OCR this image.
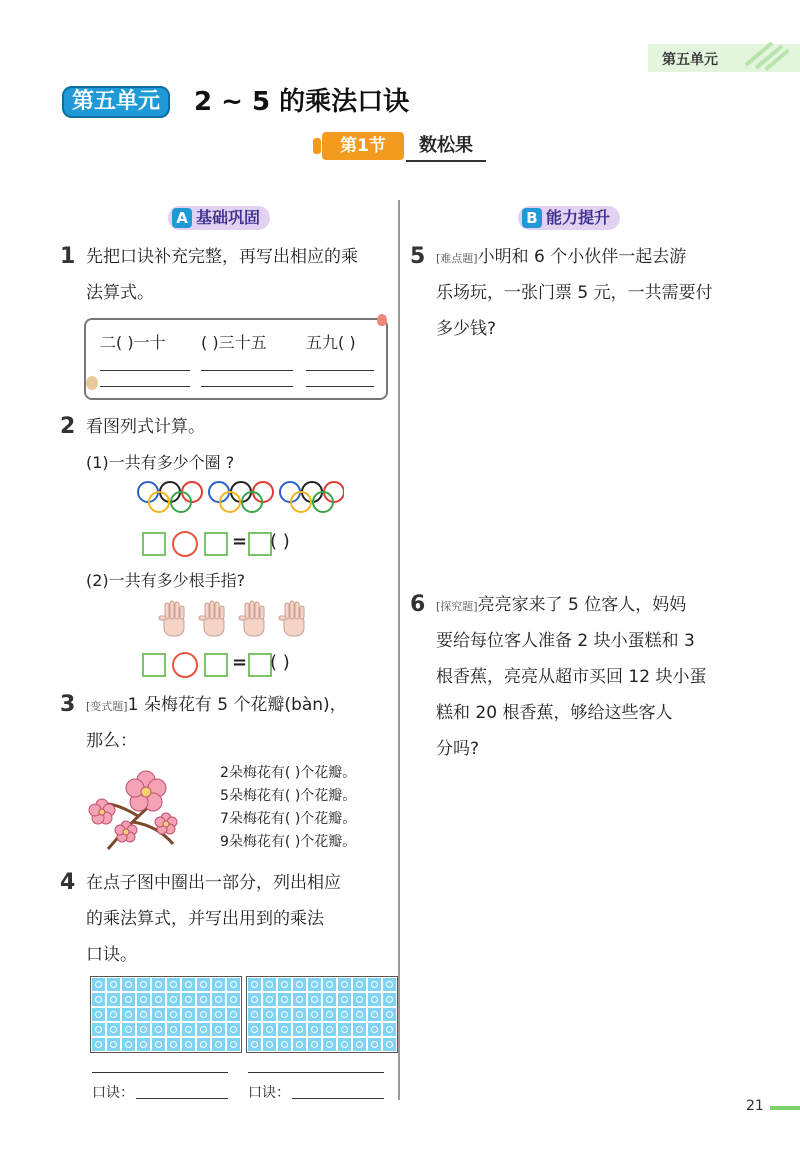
第五单元
第五单元	2 ~ 5 的乘法口诀
第1节	数松果
A 基础巩固	B 能力提升
1 先把口诀补充完整，再写出相应的乘
法算式。
二( )一十 ( )三十五 五九( )
2 看图列式计算。
(1)一共有多少个圈 ?
= ( )
(2)一共有多少根手指?
= ( )
3 [变式题]1 朵梅花有 5 个花瓣(bàn)，
那么：
2朵梅花有( )个花瓣。
5朵梅花有( )个花瓣。
7朵梅花有( )个花瓣。
9朵梅花有( )个花瓣。
4 在点子图中圈出一部分，列出相应
的乘法算式，并写出用到的乘法
口诀。
口诀：	口诀：
5 [难点题]小明和 6 个小伙伴一起去游
乐场玩，一张门票 5 元，一共需要付
多少钱?
6 [探究题]亮亮家来了 5 位客人，妈妈
要给每位客人准备 2 块小蛋糕和 3
根香蕉，亮亮从超市买回 12 块小蛋
糕和 20 根香蕉，够给这些客人
分吗?
21
